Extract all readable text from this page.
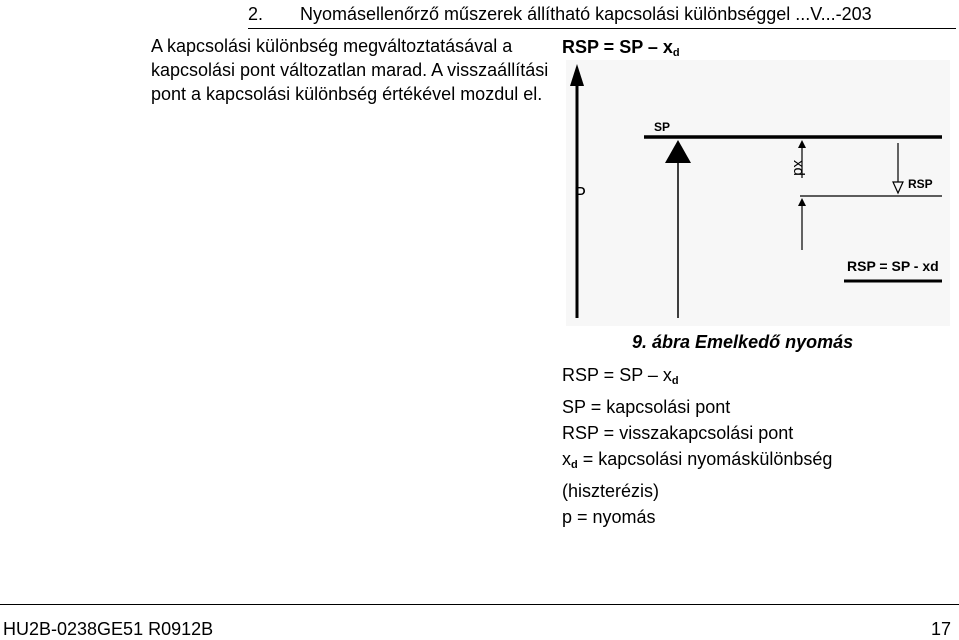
2. Nyomásellenőrző műszerek állítható kapcsolási különbséggel ...V...-203
A kapcsolási különbség megváltoztatásával a kapcsolási pont változatlan marad. A visszaállítási pont a kapcsolási különbség értékével mozdul el.
RSP = SP – $x_d$
P
SP
xd
RSP
RSP = SP - xd
9. ábra Emelkedő nyomás
RSP = SP – $x_d$
SP = kapcsolási pont
RSP = visszakapcsolási pont
$x_d$ = kapcsolási nyomáskülönbség
(hiszterézis)
p = nyomás
HU2B-0238GE51 R0912B	17
